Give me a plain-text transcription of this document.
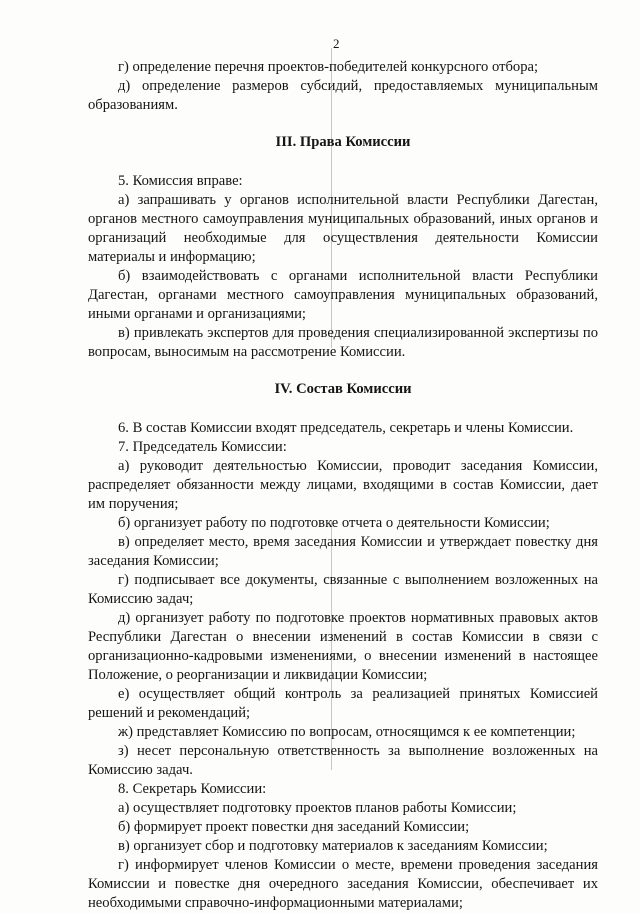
2

г) определение перечня проектов-победителей конкурсного отбора;

д) определение размеров субсидий, предоставляемых муниципальным образованиям.

III. Права Комиссии

5. Комиссия вправе:

а) запрашивать у органов исполнительной власти Республики Дагестан, органов местного самоуправления муниципальных образований, иных органов и организаций необходимые для осуществления деятельности Комиссии материалы и информацию;

б) взаимодействовать с органами исполнительной власти Республики Дагестан, органами местного самоуправления муниципальных образований, иными органами и организациями;

в) привлекать экспертов для проведения специализированной экспертизы по вопросам, выносимым на рассмотрение Комиссии.

IV. Состав Комиссии

6. В состав Комиссии входят председатель, секретарь и члены Комиссии.

7. Председатель Комиссии:

а) руководит деятельностью Комиссии, проводит заседания Комиссии, распределяет обязанности между лицами, входящими в состав Комиссии, дает им поручения;

б) организует работу по подготовке отчета о деятельности Комиссии;

в) определяет место, время заседания Комиссии и утверждает повестку дня заседания Комиссии;

г) подписывает все документы, связанные с выполнением возложенных на Комиссию задач;

д) организует работу по подготовке проектов нормативных правовых актов Республики Дагестан о внесении изменений в состав Комиссии в связи с организационно-кадровыми изменениями, о внесении изменений в настоящее Положение, о реорганизации и ликвидации Комиссии;

е) осуществляет общий контроль за реализацией принятых Комиссией решений и рекомендаций;

ж) представляет Комиссию по вопросам, относящимся к ее компетенции;

з) несет персональную ответственность за выполнение возложенных на Комиссию задач.

8. Секретарь Комиссии:

а) осуществляет подготовку проектов планов работы Комиссии;

б) формирует проект повестки дня заседаний Комиссии;

в) организует сбор и подготовку материалов к заседаниям Комиссии;

г) информирует членов Комиссии о месте, времени проведения заседания Комиссии и повестке дня очередного заседания Комиссии, обеспечивает их необходимыми справочно-информационными материалами;
